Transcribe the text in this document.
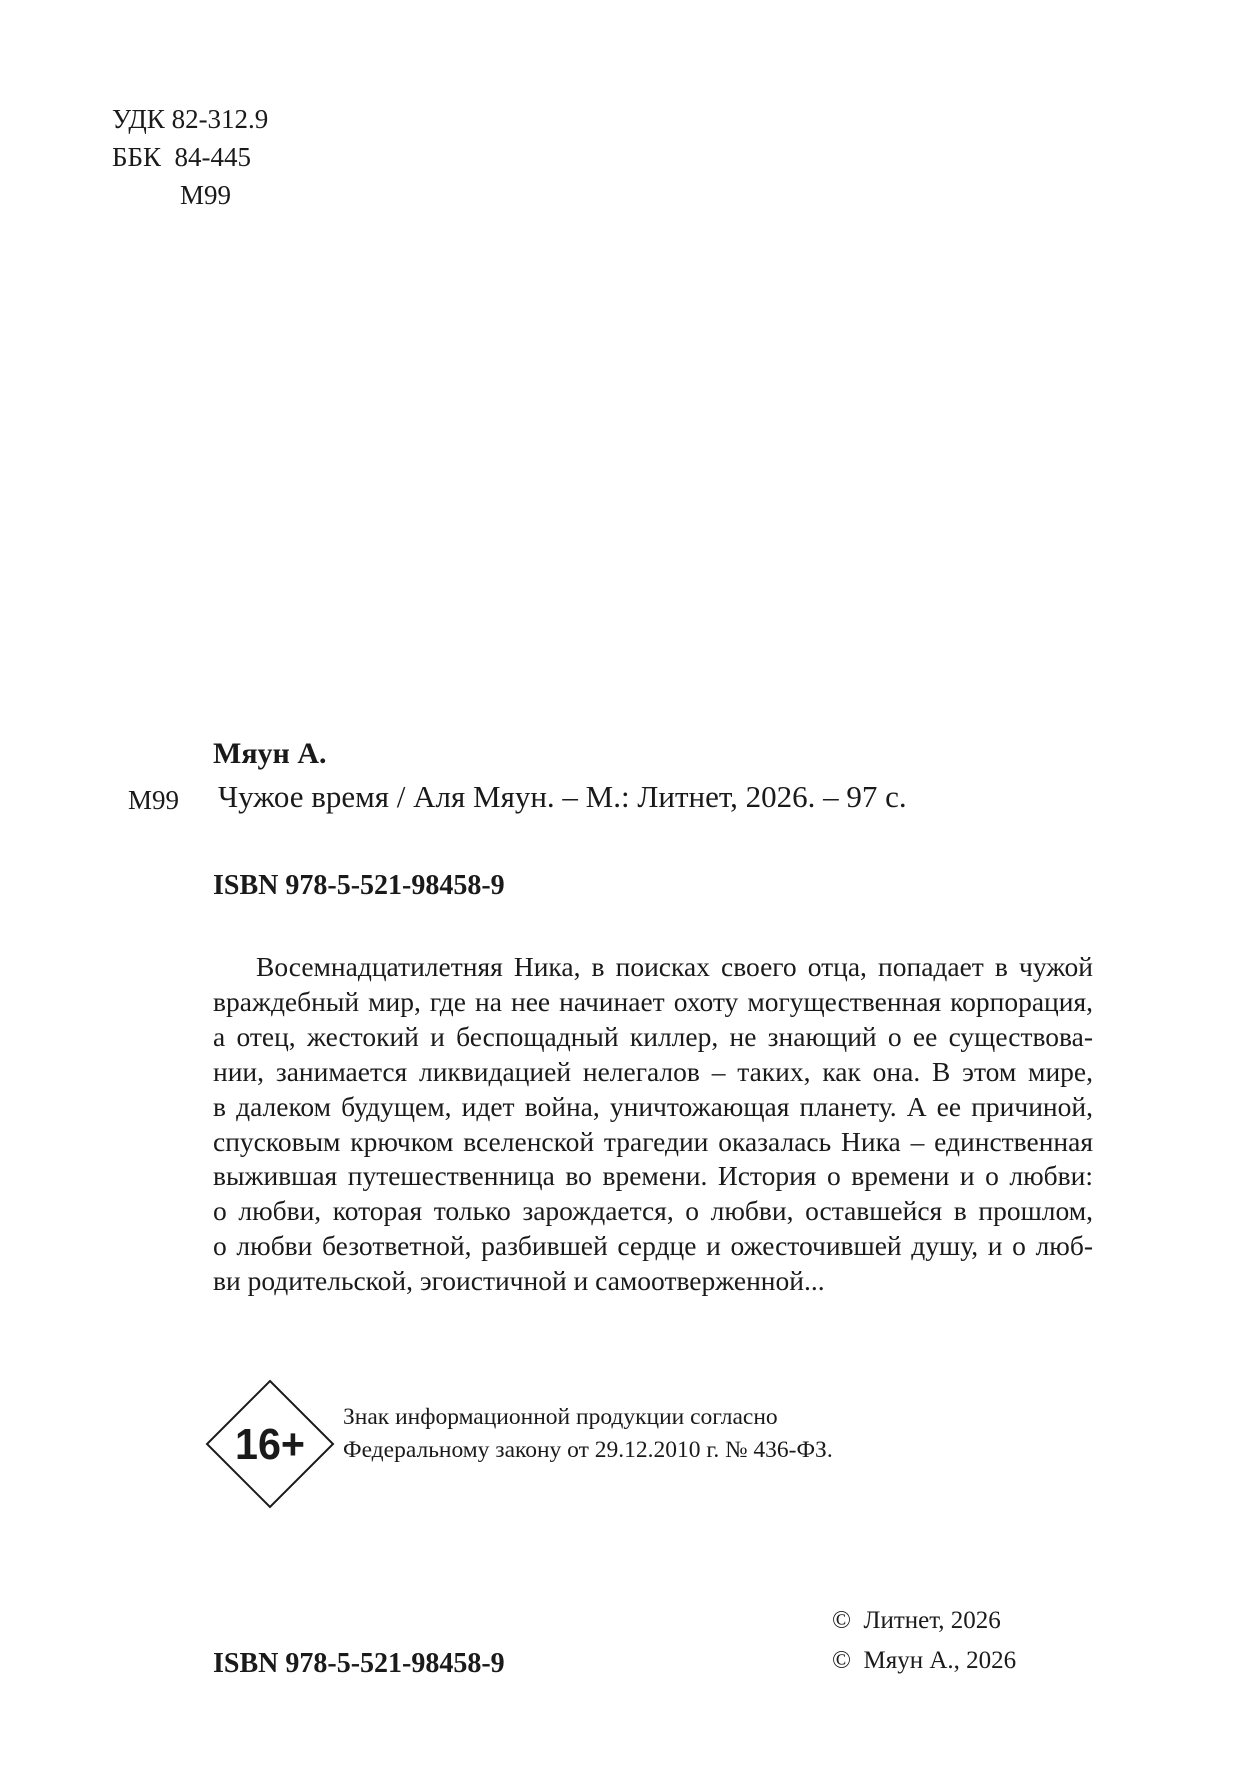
УДК 82-312.9
ББК  84-445
М99
Мяун А.
М99 Чужое время / Аля Мяун. – М.: Литнет, 2026. – 97 с.
ISBN 978-5-521-98458-9
Восемнадцатилетняя Ника, в поисках своего отца, попадает в чужой
враждебный мир, где на нее начинает охоту могущественная корпорация,
а отец, жестокий и беспощадный киллер, не знающий о ее существова-
нии, занимается ликвидацией нелегалов – таких, как она. В этом мире,
в далеком будущем, идет война, уничтожающая планету. А ее причиной,
спусковым крючком вселенской трагедии оказалась Ника – единственная
выжившая путешественница во времени. История о времени и о любви:
о любви, которая только зарождается, о любви, оставшейся в прошлом,
о любви безответной, разбившей сердце и ожесточившей душу, и о люб-
ви родительской, эгоистичной и самоотверженной...
16+
Знак информационной продукции согласно
Федеральному закону от 29.12.2010 г. № 436-ФЗ.
©  Литнет, 2026
©  Мяун А., 2026
ISBN 978-5-521-98458-9
